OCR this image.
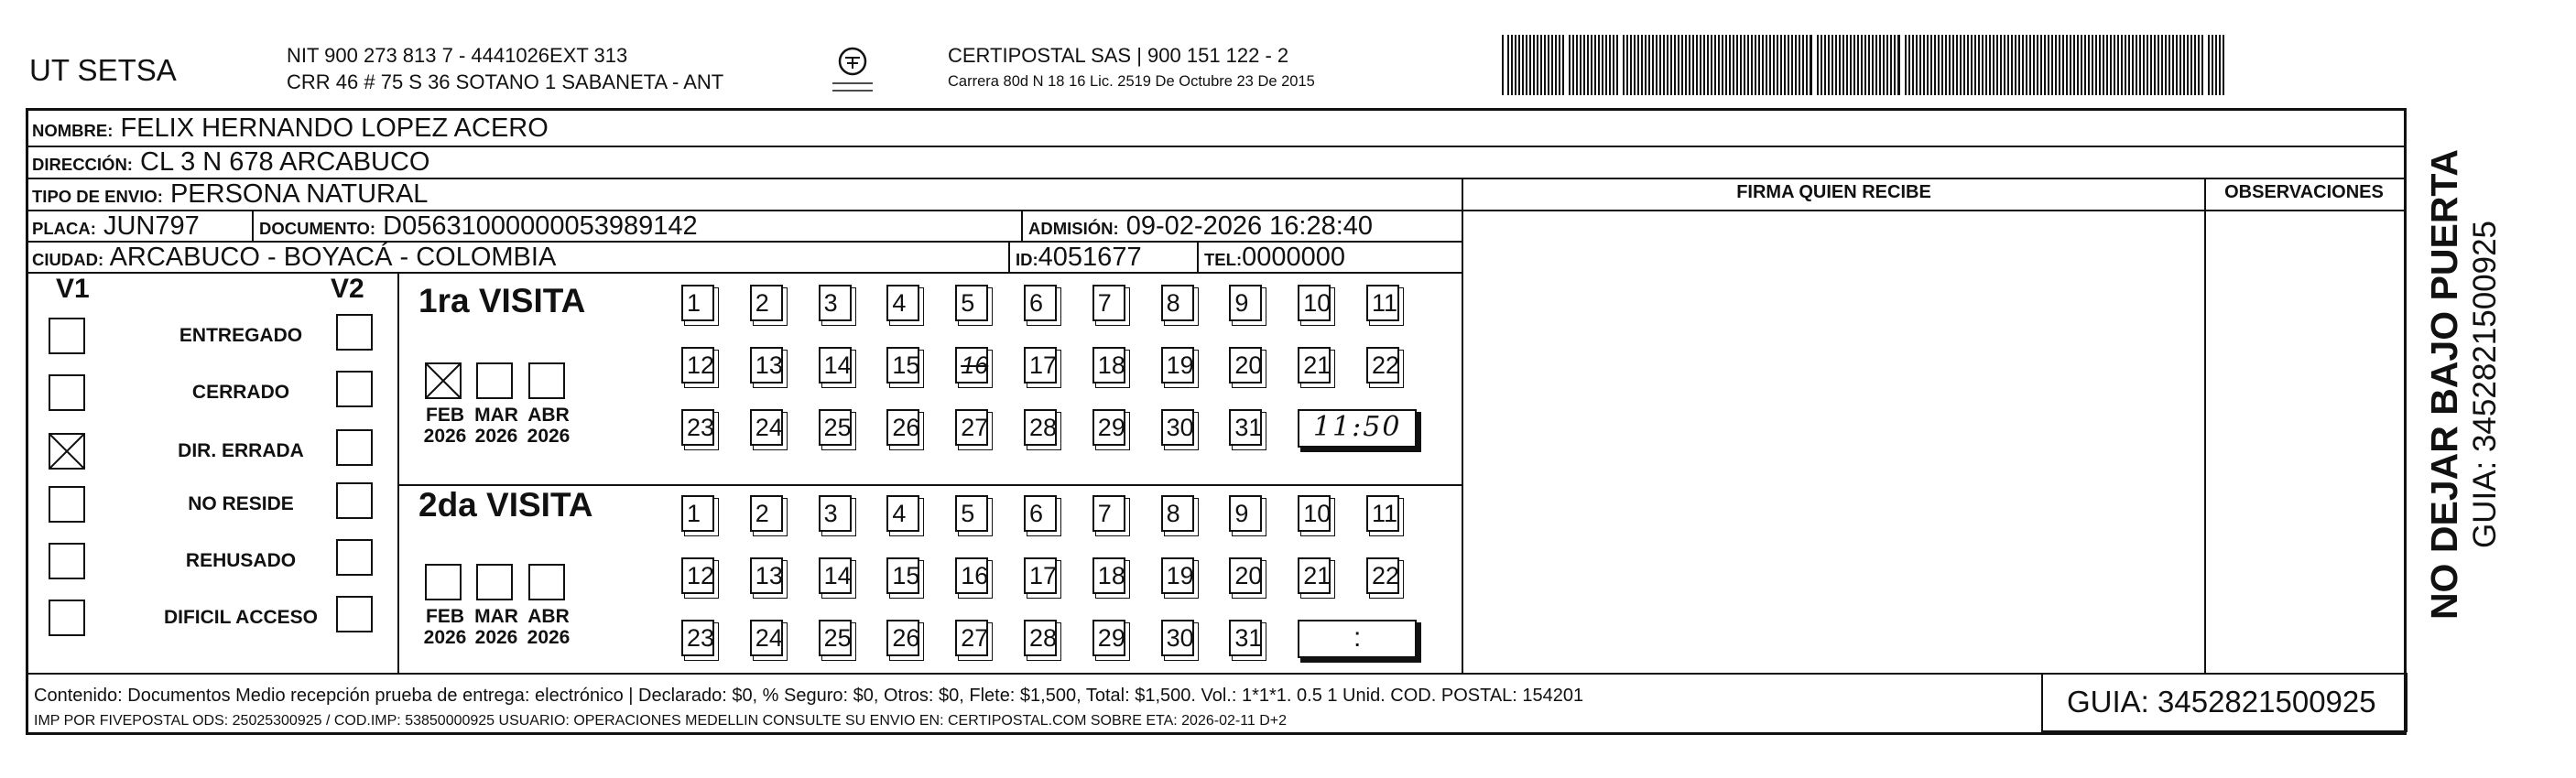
UT SETSA	NIT 900 273 813 7 - 4441026EXT 313
CRR 46 # 75 S 36 SOTANO 1 SABANETA - ANT
CERTIPOSTAL SAS | 900 151 122 - 2
Carrera 80d N 18 16 Lic. 2519 De Octubre 23 De 2015
NOMBRE: FELIX HERNANDO LOPEZ ACERO
DIRECCIÓN: CL 3 N 678 ARCABUCO
TIPO DE ENVIO: PERSONA NATURAL
PLACA: JUN797	DOCUMENTO: D05631000000053989142	ADMISIÓN: 09-02-2026 16:28:40
CIUDAD: ARCABUCO - BOYACÁ - COLOMBIA	ID:4051677	TEL:0000000
FIRMA QUIEN RECIBE	OBSERVACIONES
V1	V2
ENTREGADO
CERRADO
DIR. ERRADA
NO RESIDE
REHUSADO
DIFICIL ACCESO
1ra VISITA
FEB
2026
MAR
2026
ABR
2026
1	2	3	4	5	6	7	8	9	10 11
12 13 14 15 16 17 18 19 20 21 22
23 24 25 26 27 28 29 30 31	11:50
2da VISITA
FEB
2026
MAR
2026
ABR
2026
1	2	3	4	5	6	7	8	9	10 11
12 13 14 15 16 17 18 19 20 21 22
23 24 25 26 27 28 29 30 31	:
Contenido: Documentos Medio recepción prueba de entrega: electrónico | Declarado: $0, % Seguro: $0, Otros: $0, Flete: $1,500, Total: $1,500. Vol.: 1*1*1. 0.5 1 Unid. COD. POSTAL: 154201
IMP POR FIVEPOSTAL ODS: 25025300925 / COD.IMP: 53850000925 USUARIO: OPERACIONES MEDELLIN CONSULTE SU ENVIO EN: CERTIPOSTAL.COM SOBRE ETA: 2026-02-11 D+2
GUIA: 3452821500925
NO DEJAR BAJO PUERTA GUIA: 3452821500925
